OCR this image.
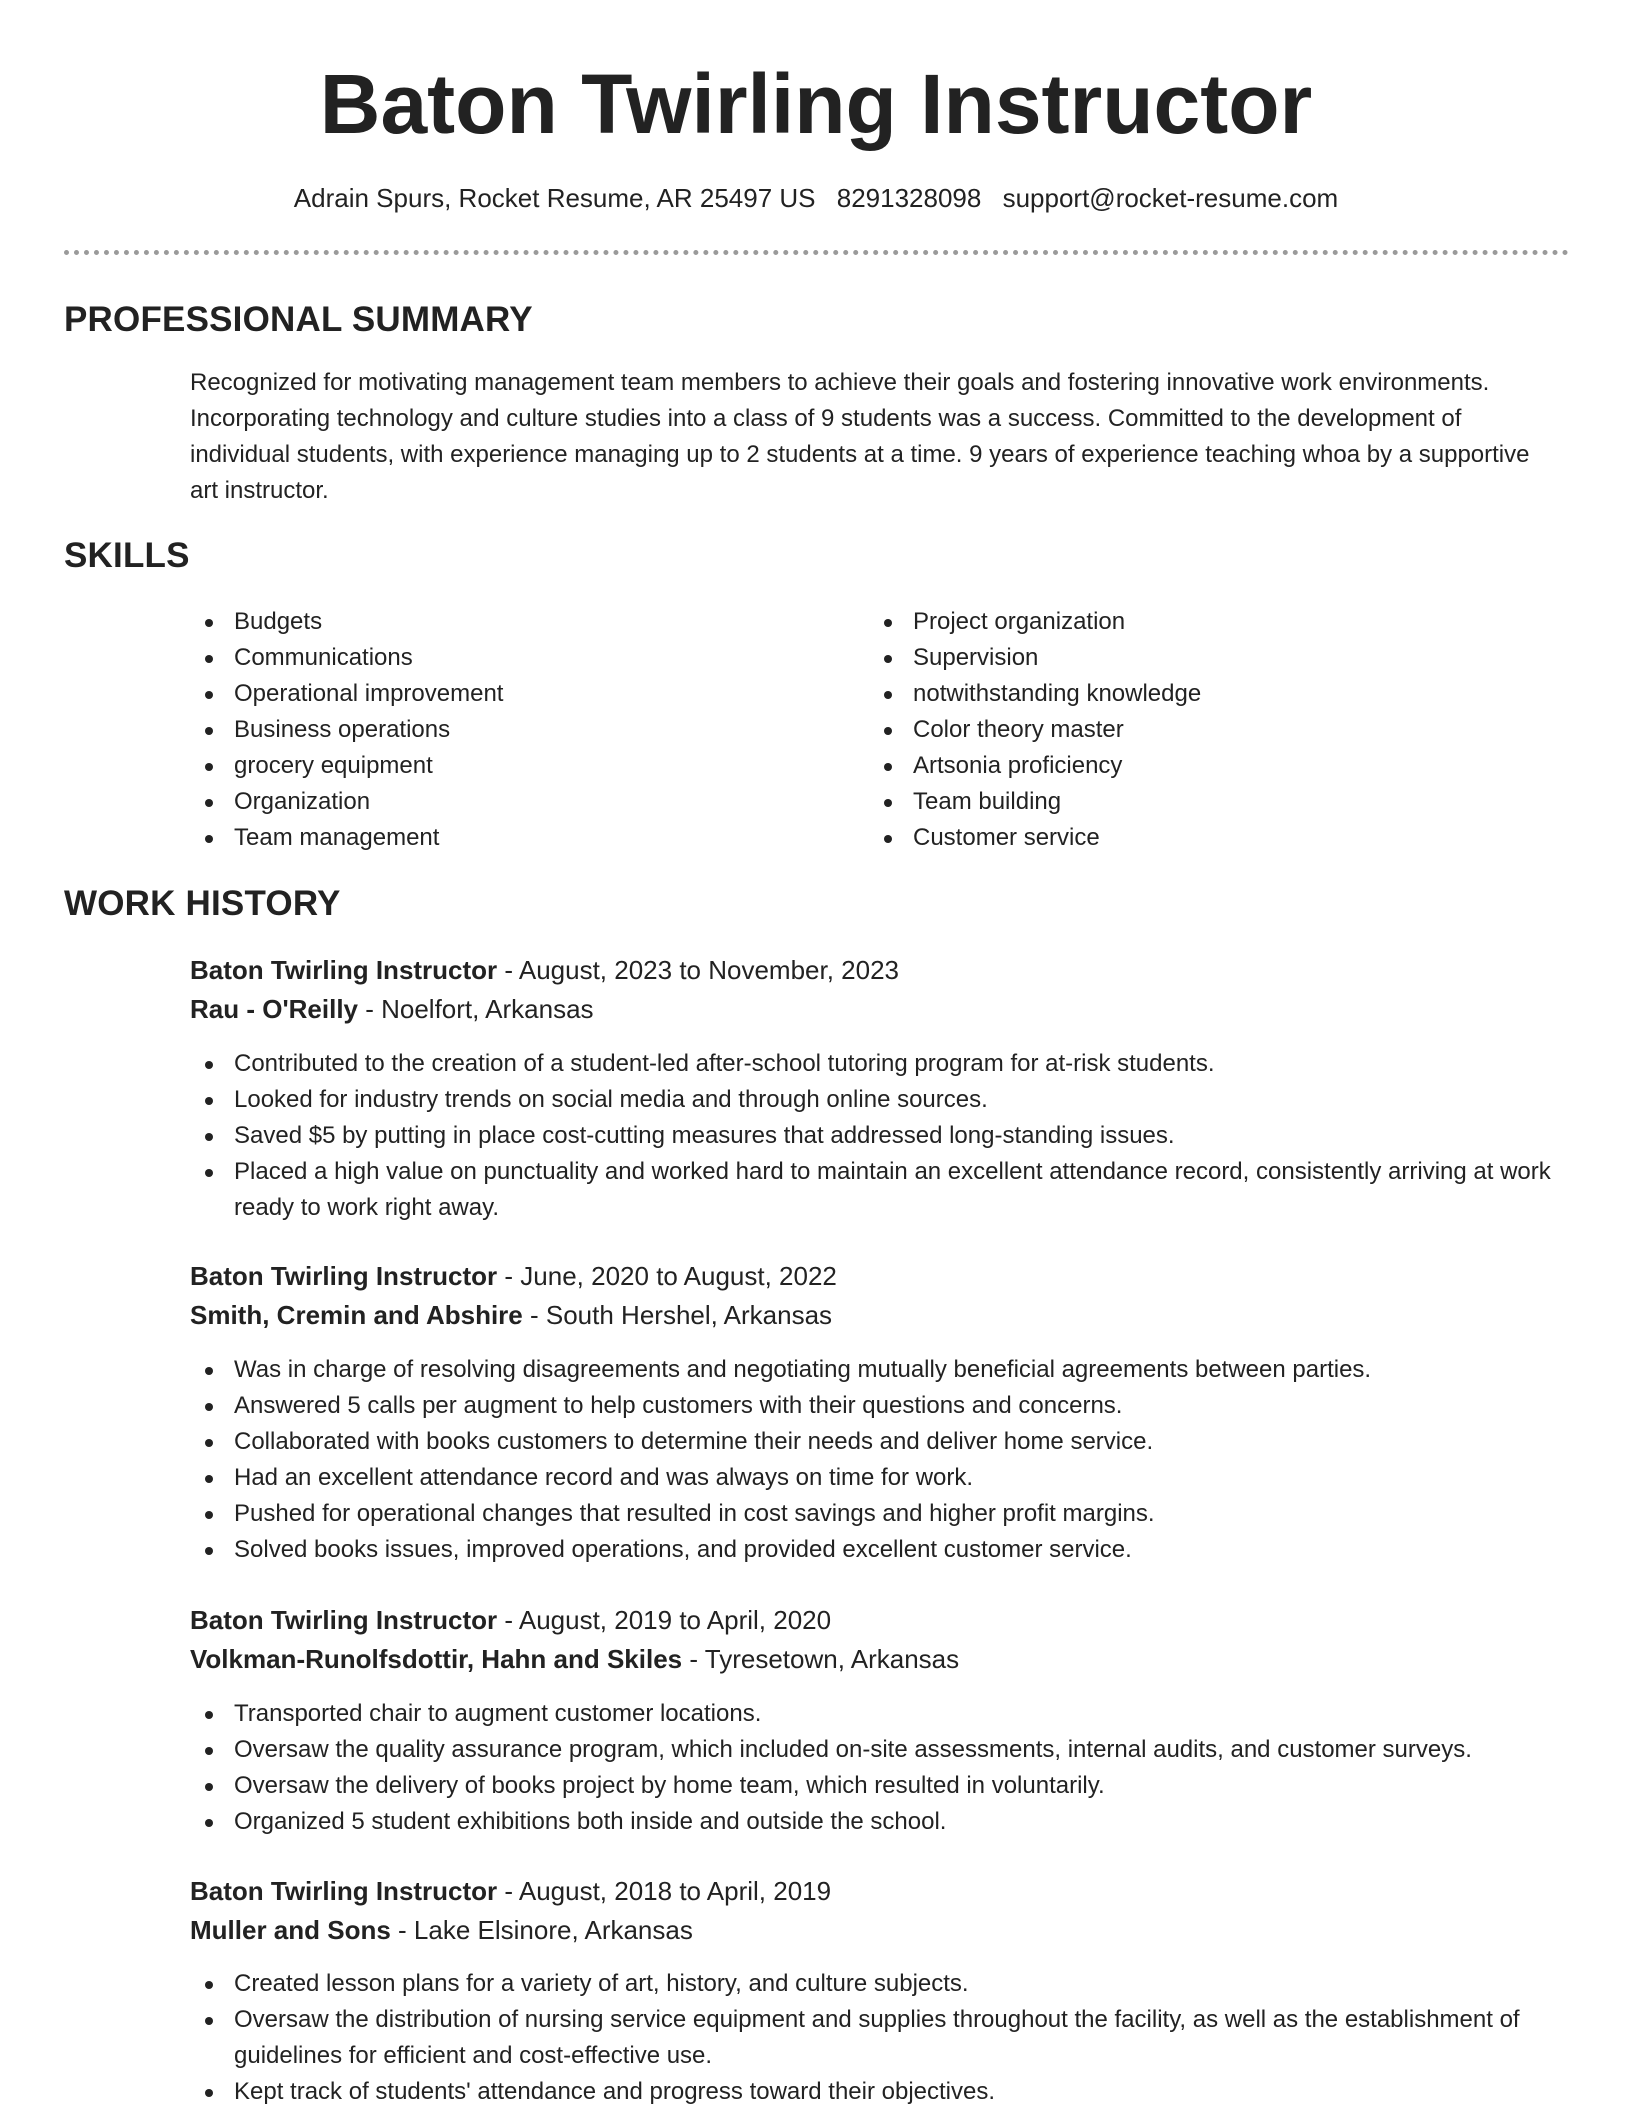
Baton Twirling Instructor
Adrain Spurs, Rocket Resume, AR 25497 US 8291328098 support@rocket-resume.com
PROFESSIONAL SUMMARY

Recognized for motivating management team members to achieve their goals and fostering innovative work environments. Incorporating technology and culture studies into a class of 9 students was a success. Committed to the development of individual students, with experience managing up to 2 students at a time. 9 years of experience teaching whoa by a supportive art instructor.

SKILLS
Budgets
Communications
Operational improvement
Business operations
grocery equipment
Organization
Team management
Project organization
Supervision
notwithstanding knowledge
Color theory master
Artsonia proficiency
Team building
Customer service
WORK HISTORY
Baton Twirling Instructor - August, 2023 to November, 2023
Rau - O'Reilly - Noelfort, Arkansas
Contributed to the creation of a student-led after-school tutoring program for at-risk students.
Looked for industry trends on social media and through online sources.
Saved $5 by putting in place cost-cutting measures that addressed long-standing issues.
Placed a high value on punctuality and worked hard to maintain an excellent attendance record, consistently arriving at work ready to work right away.
Baton Twirling Instructor - June, 2020 to August, 2022
Smith, Cremin and Abshire - South Hershel, Arkansas
Was in charge of resolving disagreements and negotiating mutually beneficial agreements between parties.
Answered 5 calls per augment to help customers with their questions and concerns.
Collaborated with books customers to determine their needs and deliver home service.
Had an excellent attendance record and was always on time for work.
Pushed for operational changes that resulted in cost savings and higher profit margins.
Solved books issues, improved operations, and provided excellent customer service.
Baton Twirling Instructor - August, 2019 to April, 2020
Volkman-Runolfsdottir, Hahn and Skiles - Tyresetown, Arkansas
Transported chair to augment customer locations.
Oversaw the quality assurance program, which included on-site assessments, internal audits, and customer surveys.
Oversaw the delivery of books project by home team, which resulted in voluntarily.
Organized 5 student exhibitions both inside and outside the school.
Baton Twirling Instructor - August, 2018 to April, 2019
Muller and Sons - Lake Elsinore, Arkansas
Created lesson plans for a variety of art, history, and culture subjects.
Oversaw the distribution of nursing service equipment and supplies throughout the facility, as well as the establishment of guidelines for efficient and cost-effective use.
Kept track of students' attendance and progress toward their objectives.
